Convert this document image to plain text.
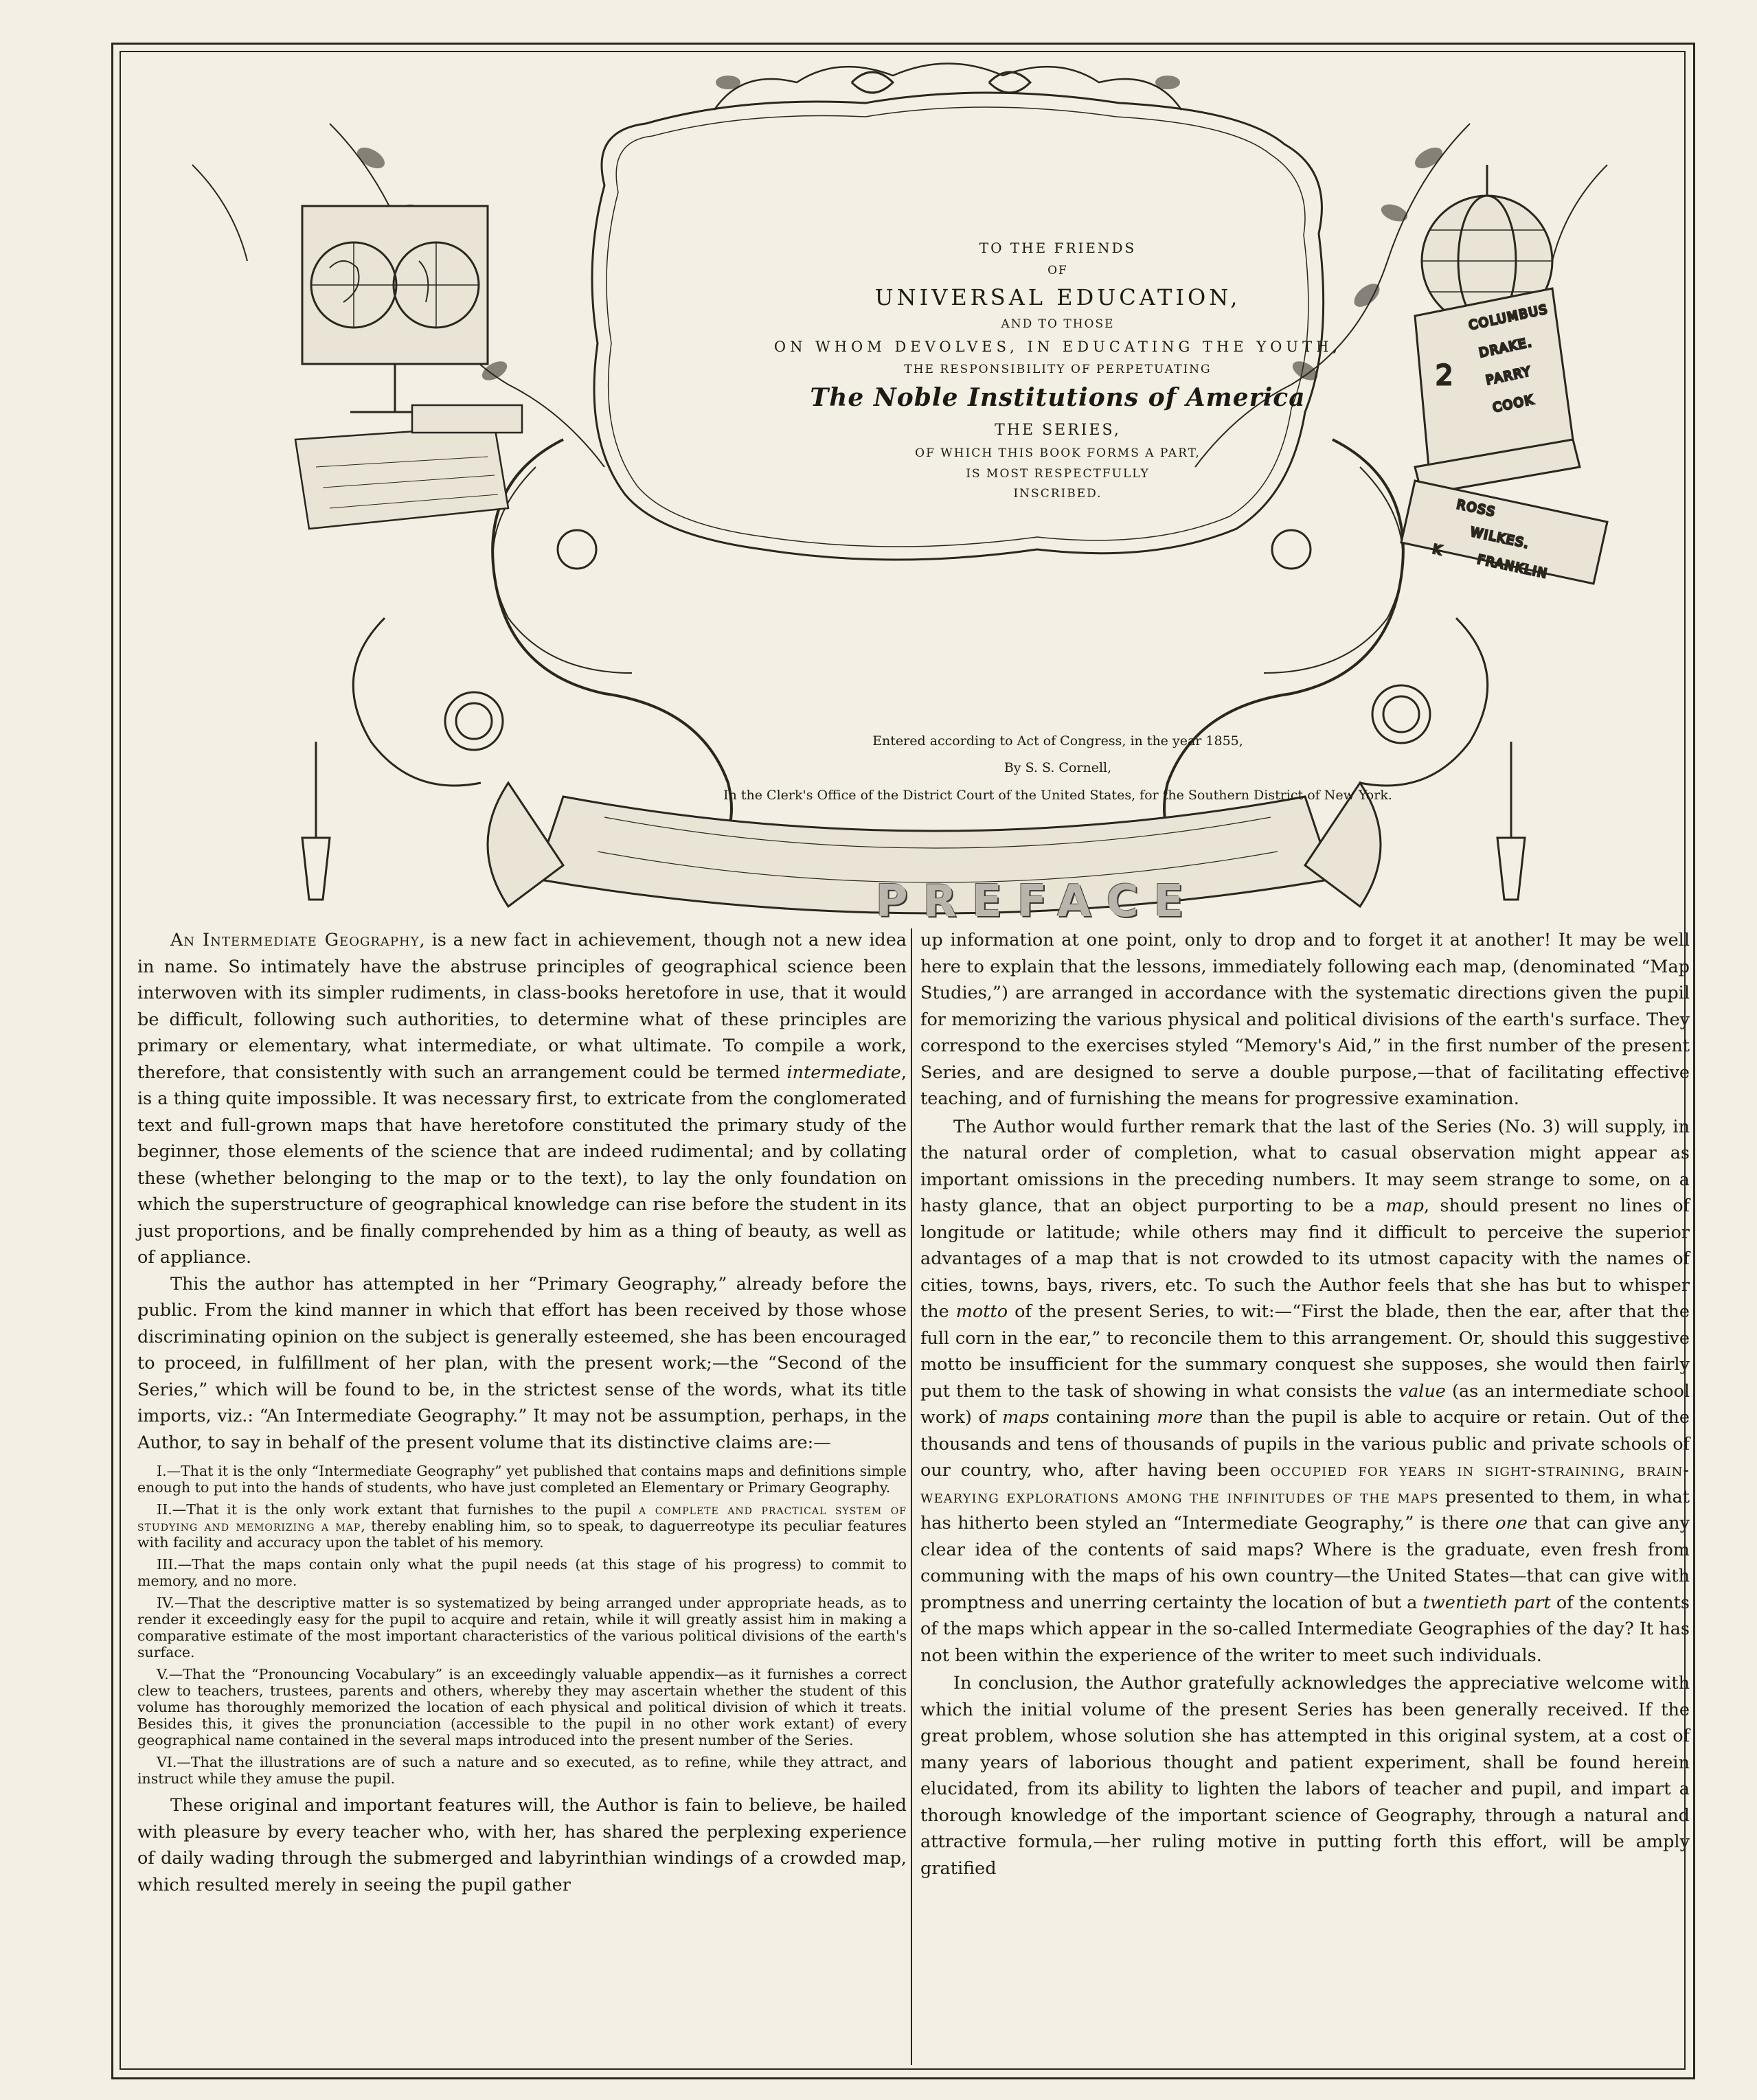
COLUMBUS
DRAKE.
PARRY
COOK
2
ROSS
WILKES.
FRANKLIN
K

TO THE FRIENDS

OF

UNIVERSAL EDUCATION,

AND TO THOSE

ON WHOM DEVOLVES, IN EDUCATING THE YOUTH,

THE RESPONSIBILITY OF PERPETUATING

The Noble Institutions of America

THE SERIES,

OF WHICH THIS BOOK FORMS A PART,

IS MOST RESPECTFULLY

INSCRIBED.

Entered according to Act of Congress, in the year 1855,

By S. S. Cornell,

In the Clerk's Office of the District Court of the United States, for the Southern District of New York.

PREFACE

An Intermediate Geography, is a new fact in achievement, though not a new idea in name. So intimately have the abstruse principles of geographical science been interwoven with its simpler rudiments, in class-books heretofore in use, that it would be difficult, following such authorities, to determine what of these principles are primary or elementary, what intermediate, or what ultimate. To compile a work, therefore, that consistently with such an arrangement could be termed intermediate, is a thing quite impossible. It was necessary first, to extricate from the conglomerated text and full-grown maps that have heretofore constituted the primary study of the beginner, those elements of the science that are indeed rudimental; and by collating these (whether belonging to the map or to the text), to lay the only foundation on which the superstructure of geographical knowledge can rise before the student in its just proportions, and be finally comprehended by him as a thing of beauty, as well as of appliance.

This the author has attempted in her “Primary Geography,” already before the public. From the kind manner in which that effort has been received by those whose discriminating opinion on the subject is generally esteemed, she has been encouraged to proceed, in fulfillment of her plan, with the present work;—the “Second of the Series,” which will be found to be, in the strictest sense of the words, what its title imports, viz.: “An Intermediate Geography.” It may not be assumption, perhaps, in the Author, to say in behalf of the present volume that its distinctive claims are:—

I.—That it is the only “Intermediate Geography” yet published that contains maps and definitions simple enough to put into the hands of students, who have just completed an Elementary or Primary Geography.

II.—That it is the only work extant that furnishes to the pupil a complete and practical system of studying and memorizing a map, thereby enabling him, so to speak, to daguerreotype its peculiar features with facility and accuracy upon the tablet of his memory.

III.—That the maps contain only what the pupil needs (at this stage of his progress) to commit to memory, and no more.

IV.—That the descriptive matter is so systematized by being arranged under appropriate heads, as to render it exceedingly easy for the pupil to acquire and retain, while it will greatly assist him in making a comparative estimate of the most important characteristics of the various political divisions of the earth's surface.

V.—That the “Pronouncing Vocabulary” is an exceedingly valuable appendix—as it furnishes a correct clew to teachers, trustees, parents and others, whereby they may ascertain whether the student of this volume has thoroughly memorized the location of each physical and political division of which it treats. Besides this, it gives the pronunciation (accessible to the pupil in no other work extant) of every geographical name contained in the several maps introduced into the present number of the Series.

VI.—That the illustrations are of such a nature and so executed, as to refine, while they attract, and instruct while they amuse the pupil.

These original and important features will, the Author is fain to believe, be hailed with pleasure by every teacher who, with her, has shared the perplexing experience of daily wading through the submerged and labyrinthian windings of a crowded map, which resulted merely in seeing the pupil gather

up information at one point, only to drop and to forget it at another! It may be well here to explain that the lessons, immediately following each map, (denominated “Map Studies,”) are arranged in accordance with the systematic directions given the pupil for memorizing the various physical and political divisions of the earth's surface. They correspond to the exercises styled “Memory's Aid,” in the first number of the present Series, and are designed to serve a double purpose,—that of facilitating effective teaching, and of furnishing the means for progressive examination.

The Author would further remark that the last of the Series (No. 3) will supply, in the natural order of completion, what to casual observation might appear as important omissions in the preceding numbers. It may seem strange to some, on a hasty glance, that an object purporting to be a map, should present no lines of longitude or latitude; while others may find it difficult to perceive the superior advantages of a map that is not crowded to its utmost capacity with the names of cities, towns, bays, rivers, etc. To such the Author feels that she has but to whisper the motto of the present Series, to wit:—“First the blade, then the ear, after that the full corn in the ear,” to reconcile them to this arrangement. Or, should this suggestive motto be insufficient for the summary conquest she supposes, she would then fairly put them to the task of showing in what consists the value (as an intermediate school work) of maps containing more than the pupil is able to acquire or retain. Out of the thousands and tens of thousands of pupils in the various public and private schools of our country, who, after having been occupied for years in sight-straining, brain-wearying explorations among the infinitudes of the maps presented to them, in what has hitherto been styled an “Intermediate Geography,” is there one that can give any clear idea of the contents of said maps? Where is the graduate, even fresh from communing with the maps of his own country—the United States—that can give with promptness and unerring certainty the location of but a twentieth part of the contents of the maps which appear in the so-called Intermediate Geographies of the day? It has not been within the experience of the writer to meet such individuals.

In conclusion, the Author gratefully acknowledges the appreciative welcome with which the initial volume of the present Series has been generally received. If the great problem, whose solution she has attempted in this original system, at a cost of many years of laborious thought and patient experiment, shall be found herein elucidated, from its ability to lighten the labors of teacher and pupil, and impart a thorough knowledge of the important science of Geography, through a natural and attractive formula,—her ruling motive in putting forth this effort, will be amply gratified
